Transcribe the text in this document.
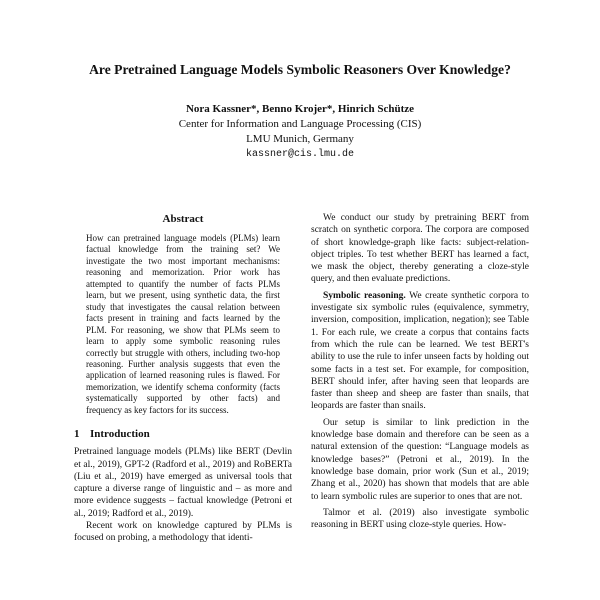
Are Pretrained Language Models Symbolic Reasoners Over Knowledge?
Nora Kassner*, Benno Krojer*, Hinrich Schütze
Center for Information and Language Processing (CIS)
LMU Munich, Germany
kassner@cis.lmu.de
Abstract

How can pretrained language models (PLMs) learn factual knowledge from the training set? We investigate the two most important mechanisms: reasoning and memorization. Prior work has attempted to quantify the number of facts PLMs learn, but we present, using synthetic data, the first study that investigates the causal relation between facts present in training and facts learned by the PLM. For reasoning, we show that PLMs seem to learn to apply some symbolic reasoning rules correctly but struggle with others, including two-hop reasoning. Further analysis suggests that even the application of learned reasoning rules is flawed. For memorization, we identify schema conformity (facts systematically supported by other facts) and frequency as key factors for its success.

1 Introduction

Pretrained language models (PLMs) like BERT (Devlin et al., 2019), GPT-2 (Radford et al., 2019) and RoBERTa (Liu et al., 2019) have emerged as universal tools that capture a diverse range of linguistic and – as more and more evidence suggests – factual knowledge (Petroni et al., 2019; Radford et al., 2019).

Recent work on knowledge captured by PLMs is focused on probing, a methodology that identi-

We conduct our study by pretraining BERT from scratch on synthetic corpora. The corpora are composed of short knowledge-graph like facts: subject-relation-object triples. To test whether BERT has learned a fact, we mask the object, thereby generating a cloze-style query, and then evaluate predictions.

Symbolic reasoning. We create synthetic corpora to investigate six symbolic rules (equivalence, symmetry, inversion, composition, implication, negation); see Table 1. For each rule, we create a corpus that contains facts from which the rule can be learned. We test BERT's ability to use the rule to infer unseen facts by holding out some facts in a test set. For example, for composition, BERT should infer, after having seen that leopards are faster than sheep and sheep are faster than snails, that leopards are faster than snails.

Our setup is similar to link prediction in the knowledge base domain and therefore can be seen as a natural extension of the question: “Language models as knowledge bases?” (Petroni et al., 2019). In the knowledge base domain, prior work (Sun et al., 2019; Zhang et al., 2020) has shown that models that are able to learn symbolic rules are superior to ones that are not.

Talmor et al. (2019) also investigate symbolic reasoning in BERT using cloze-style queries. How-
